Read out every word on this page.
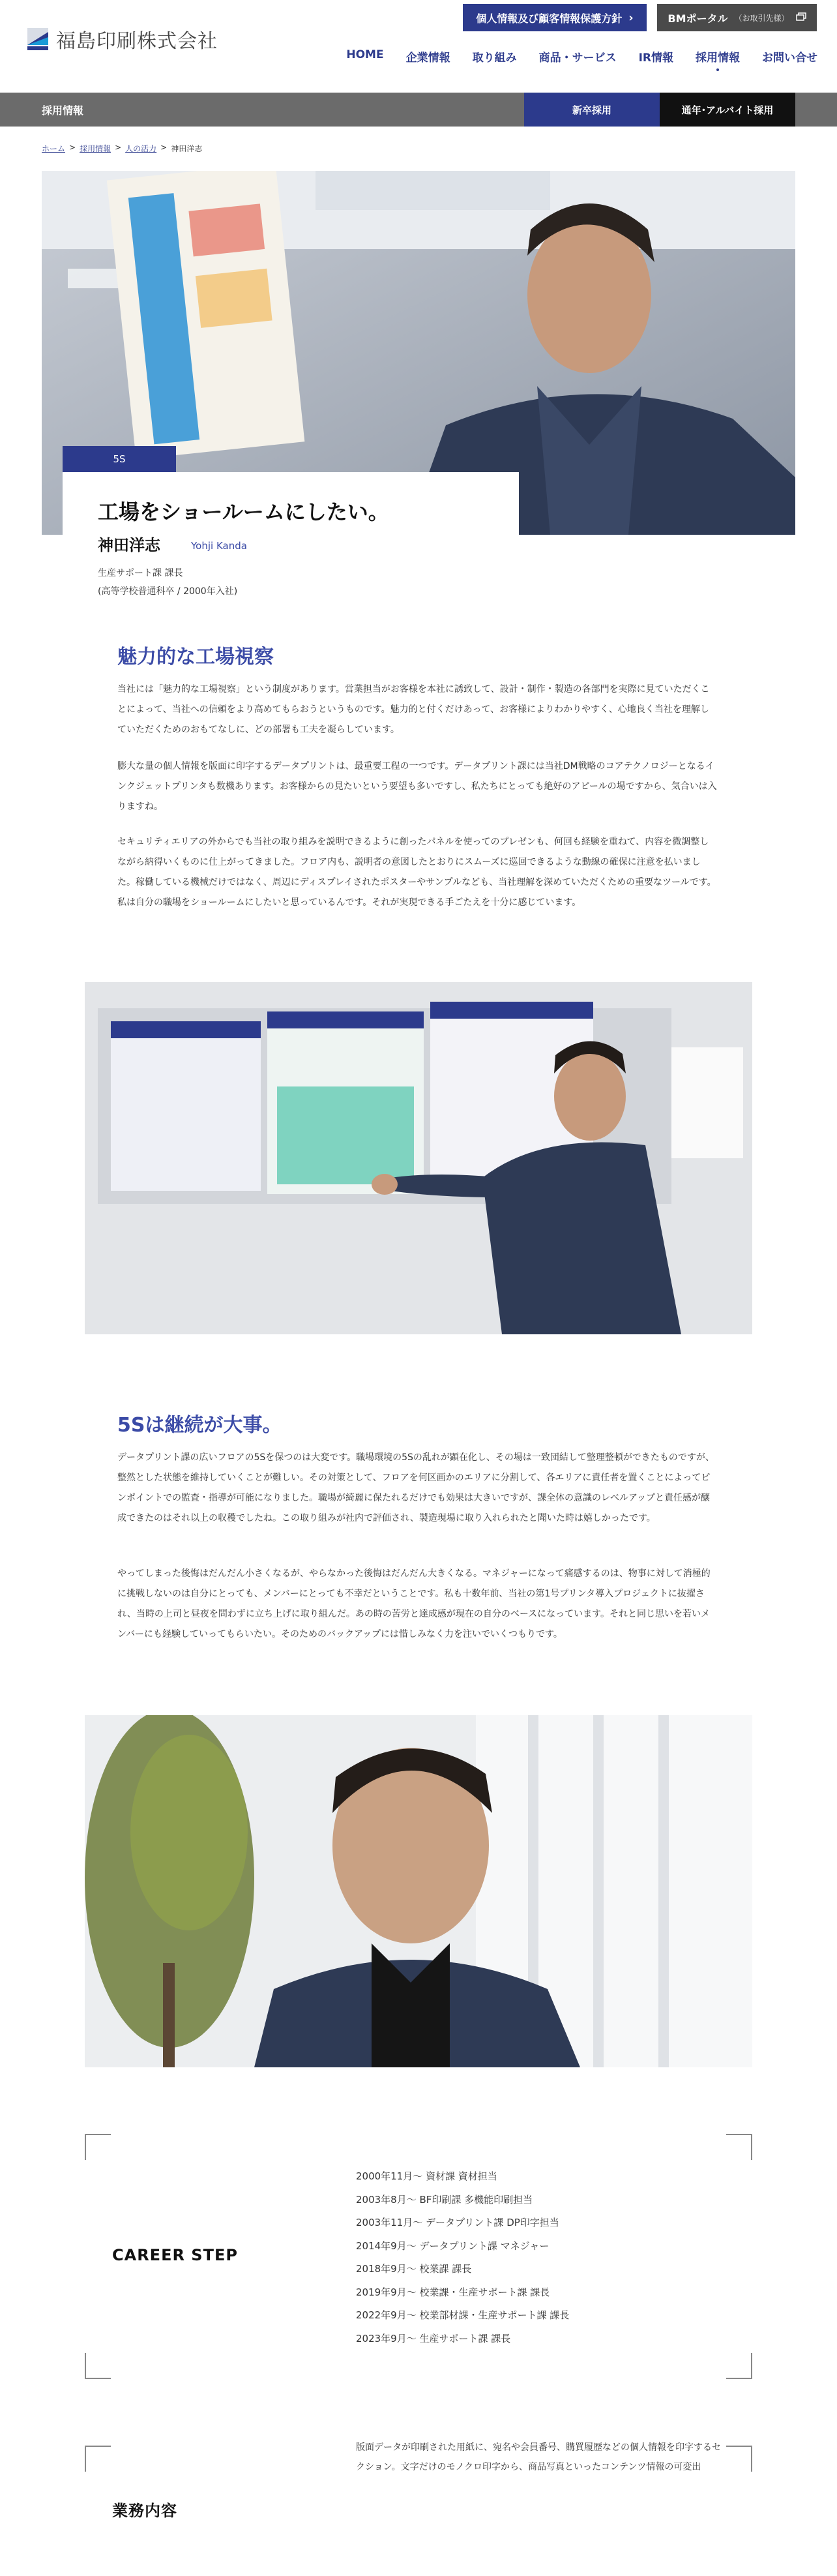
福島印刷株式会社
個人情報及び顧客情報保護方針 ›	BMポータル （お取引先様）
HOME 企業情報 取り組み 商品・サービス IR情報 採用情報 お問い合せ
採用情報	新卒採用	通年･アルバイト採用
ホーム > 採用情報 > 人の活力 > 神田洋志
5S
工場をショールームにしたい。
神田洋志	Yohji Kanda
生産サポート課 課長
(高等学校普通科卒 / 2000年入社)
魅力的な工場視察

当社には「魅力的な工場視察」という制度があります。営業担当がお客様を本社に誘致して、設計・制作・製造の各部門を実際に見ていただくことによって、当社への信頼をより高めてもらおうというものです。魅力的と付くだけあって、お客様によりわかりやすく、心地良く当社を理解していただくためのおもてなしに、どの部署も工夫を凝らしています。

膨大な量の個人情報を版面に印字するデータプリントは、最重要工程の一つです。データプリント課には当社DM戦略のコアテクノロジーとなるインクジェットプリンタも数機あります。お客様からの見たいという要望も多いですし、私たちにとっても絶好のアピールの場ですから、気合いは入りますね。

セキュリティエリアの外からでも当社の取り組みを説明できるように創ったパネルを使ってのプレゼンも、何回も経験を重ねて、内容を微調整しながら納得いくものに仕上がってきました。フロア内も、説明者の意図したとおりにスムーズに巡回できるような動線の確保に注意を払いました。稼働している機械だけではなく、周辺にディスプレイされたポスターやサンプルなども、当社理解を深めていただくための重要なツールです。私は自分の職場をショールームにしたいと思っているんです。それが実現できる手ごたえを十分に感じています。

5Sは継続が大事。

データプリント課の広いフロアの5Sを保つのは大変です。職場環境の5Sの乱れが顕在化し、その場は一致団結して整理整頓ができたものですが、整然とした状態を維持していくことが難しい。その対策として、フロアを何区画かのエリアに分割して、各エリアに責任者を置くことによってピンポイントでの監査・指導が可能になりました。職場が綺麗に保たれるだけでも効果は大きいですが、課全体の意識のレベルアップと責任感が醸成できたのはそれ以上の収穫でしたね。この取り組みが社内で評価され、製造現場に取り入れられたと聞いた時は嬉しかったです。

やってしまった後悔はだんだん小さくなるが、やらなかった後悔はだんだん大きくなる。マネジャーになって痛感するのは、物事に対して消極的に挑戦しないのは自分にとっても、メンバーにとっても不幸だということです。私も十数年前、当社の第1号プリンタ導入プロジェクトに抜擢され、当時の上司と昼夜を問わずに立ち上げに取り組んだ。あの時の苦労と達成感が現在の自分のベースになっています。それと同じ思いを若いメンバーにも経験していってもらいたい。そのためのバックアップには惜しみなく力を注いでいくつもりです。

CAREER STEP
2000年11月〜 資材課 資材担当
2003年8月〜 BF印刷課 多機能印刷担当
2003年11月〜 データプリント課 DP印字担当
2014年9月〜 データプリント課 マネジャー
2018年9月〜 校業課 課長
2019年9月〜 校業課・生産サポート課 課長
2022年9月〜 校業部材課・生産サポート課 課長
2023年9月〜 生産サポート課 課長
業務内容

版面データが印刷された用紙に、宛名や会員番号、購買履歴などの個人情報を印字するセクション。文字だけのモノクロ印字から、商品写真といったコンテンツ情報の可変出
